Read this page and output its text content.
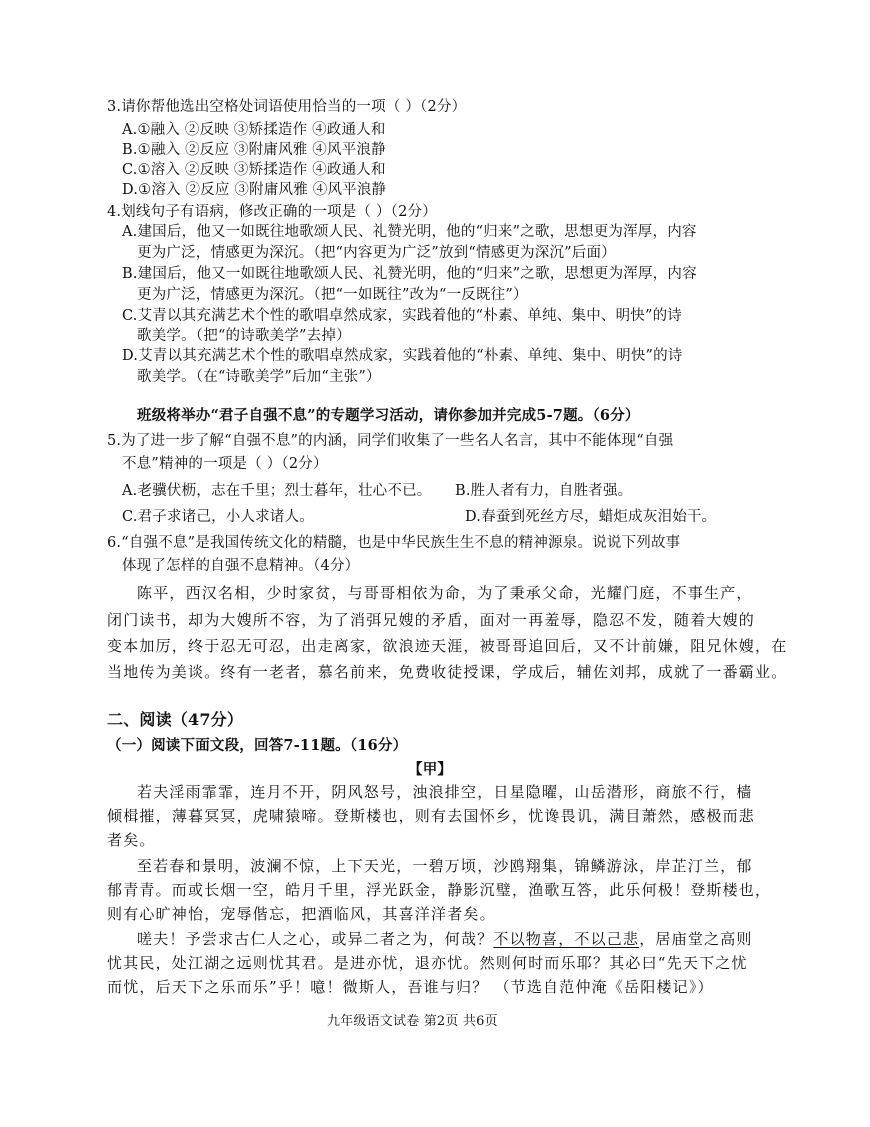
3.请你帮他选出空格处词语使用恰当的一项（ ）（2分）
A.①融入 ②反映 ③矫揉造作 ④政通人和
B.①融入 ②反应 ③附庸风雅 ④风平浪静
C.①溶入 ②反映 ③矫揉造作 ④政通人和
D.①溶入 ②反应 ③附庸风雅 ④风平浪静
4.划线句子有语病，修改正确的一项是（ ）（2分）
A.建国后，他又一如既往地歌颂人民、礼赞光明，他的“归来”之歌，思想更为浑厚，内容
更为广泛，情感更为深沉。（把“内容更为广泛”放到“情感更为深沉”后面）
B.建国后，他又一如既往地歌颂人民、礼赞光明，他的“归来”之歌，思想更为浑厚，内容
更为广泛，情感更为深沉。（把“一如既往”改为“一反既往”）
C.艾青以其充满艺术个性的歌唱卓然成家，实践着他的“朴素、单纯、集中、明快”的诗
歌美学。（把“的诗歌美学”去掉）
D.艾青以其充满艺术个性的歌唱卓然成家，实践着他的“朴素、单纯、集中、明快”的诗
歌美学。（在“诗歌美学”后加“主张”）
班级将举办“君子自强不息”的专题学习活动，请你参加并完成5-7题。（6分）
5.为了进一步了解“自强不息”的内涵，同学们收集了一些名人名言，其中不能体现“自强
不息”精神的一项是（ ）（2分）
A.老骥伏枥，志在千里；烈士暮年，壮心不已。 B.胜人者有力，自胜者强。
C.君子求诸己，小人求诸人。	D.春蚕到死丝方尽，蜡炬成灰泪始干。
6.“自强不息”是我国传统文化的精髓，也是中华民族生生不息的精神源泉。说说下列故事
体现了怎样的自强不息精神。（4分）
陈平，西汉名相，少时家贫，与哥哥相依为命，为了秉承父命，光耀门庭，不事生产，
闭门读书，却为大嫂所不容，为了消弭兄嫂的矛盾，面对一再羞辱，隐忍不发，随着大嫂的
变本加厉，终于忍无可忍，出走离家，欲浪迹天涯，被哥哥追回后，又不计前嫌，阻兄休嫂，在
当地传为美谈。终有一老者，慕名前来，免费收徒授课，学成后，辅佐刘邦，成就了一番霸业。
二、阅读（47分）
（一）阅读下面文段，回答7-11题。（16分）
【甲】
若夫淫雨霏霏，连月不开，阴风怒号，浊浪排空，日星隐曜，山岳潜形，商旅不行，樯
倾楫摧，薄暮冥冥，虎啸猿啼。登斯楼也，则有去国怀乡，忧谗畏讥，满目萧然，感极而悲
者矣。
至若春和景明，波澜不惊，上下天光，一碧万顷，沙鸥翔集，锦鳞游泳，岸芷汀兰，郁
郁青青。而或长烟一空，皓月千里，浮光跃金，静影沉璧，渔歌互答，此乐何极！登斯楼也，
则有心旷神怡，宠辱偕忘，把酒临风，其喜洋洋者矣。
嗟夫！予尝求古仁人之心，或异二者之为，何哉？不以物喜，不以己悲，居庙堂之高则
忧其民，处江湖之远则忧其君。是进亦忧，退亦忧。然则何时而乐耶？其必曰“先天下之忧
而忧，后天下之乐而乐”乎！噫！微斯人，吾谁与归？ （节选自范仲淹《岳阳楼记》）
九年级语文试卷 第2页 共6页
